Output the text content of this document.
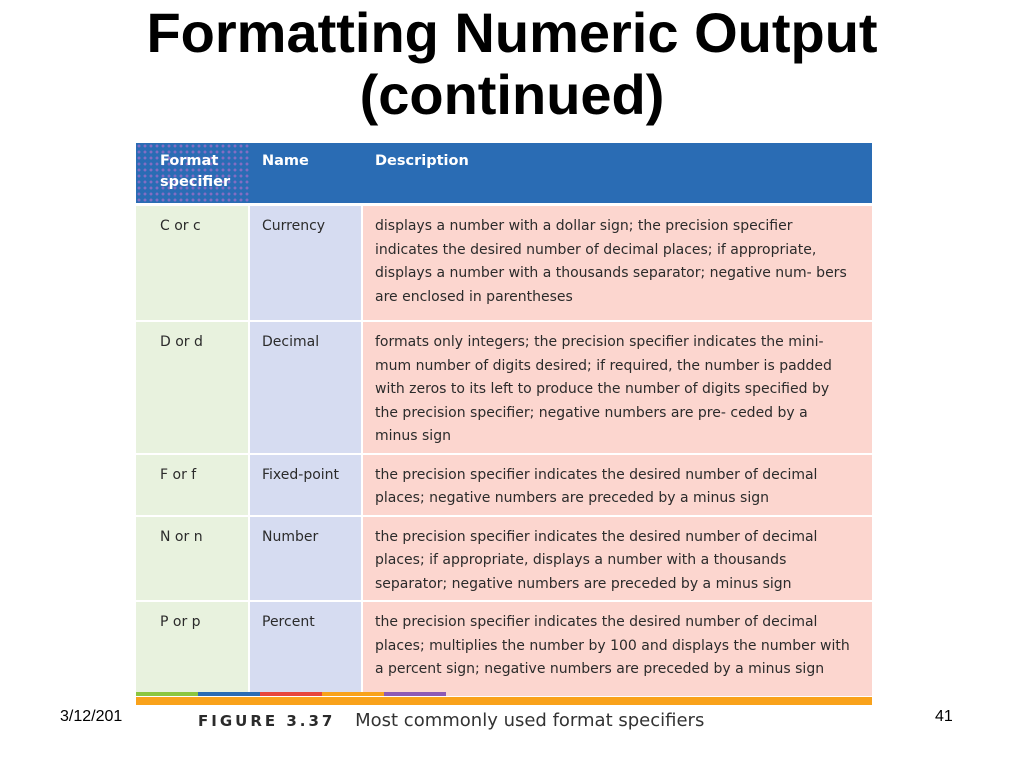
Formatting Numeric Output
(continued)
Format specifier	Name	Description
C or c	Currency	displays a number with a dollar sign; the precision specifier indicates the desired number of decimal places; if appropriate, displays a number with a thousands separator; negative num- bers are enclosed in parentheses
D or d	Decimal	formats only integers; the precision specifier indicates the mini- mum number of digits desired; if required, the number is padded with zeros to its left to produce the number of digits specified by the precision specifier; negative numbers are pre- ceded by a minus sign
F or f	Fixed-point	the precision specifier indicates the desired number of decimal places; negative numbers are preceded by a minus sign
N or n	Number	the precision specifier indicates the desired number of decimal places; if appropriate, displays a number with a thousands separator; negative numbers are preceded by a minus sign
P or p	Percent	the precision specifier indicates the desired number of decimal places; multiplies the number by 100 and displays the number with a percent sign; negative numbers are preceded by a minus sign
FIGURE 3.37 Most commonly used format specifiers
3/12/201	41
